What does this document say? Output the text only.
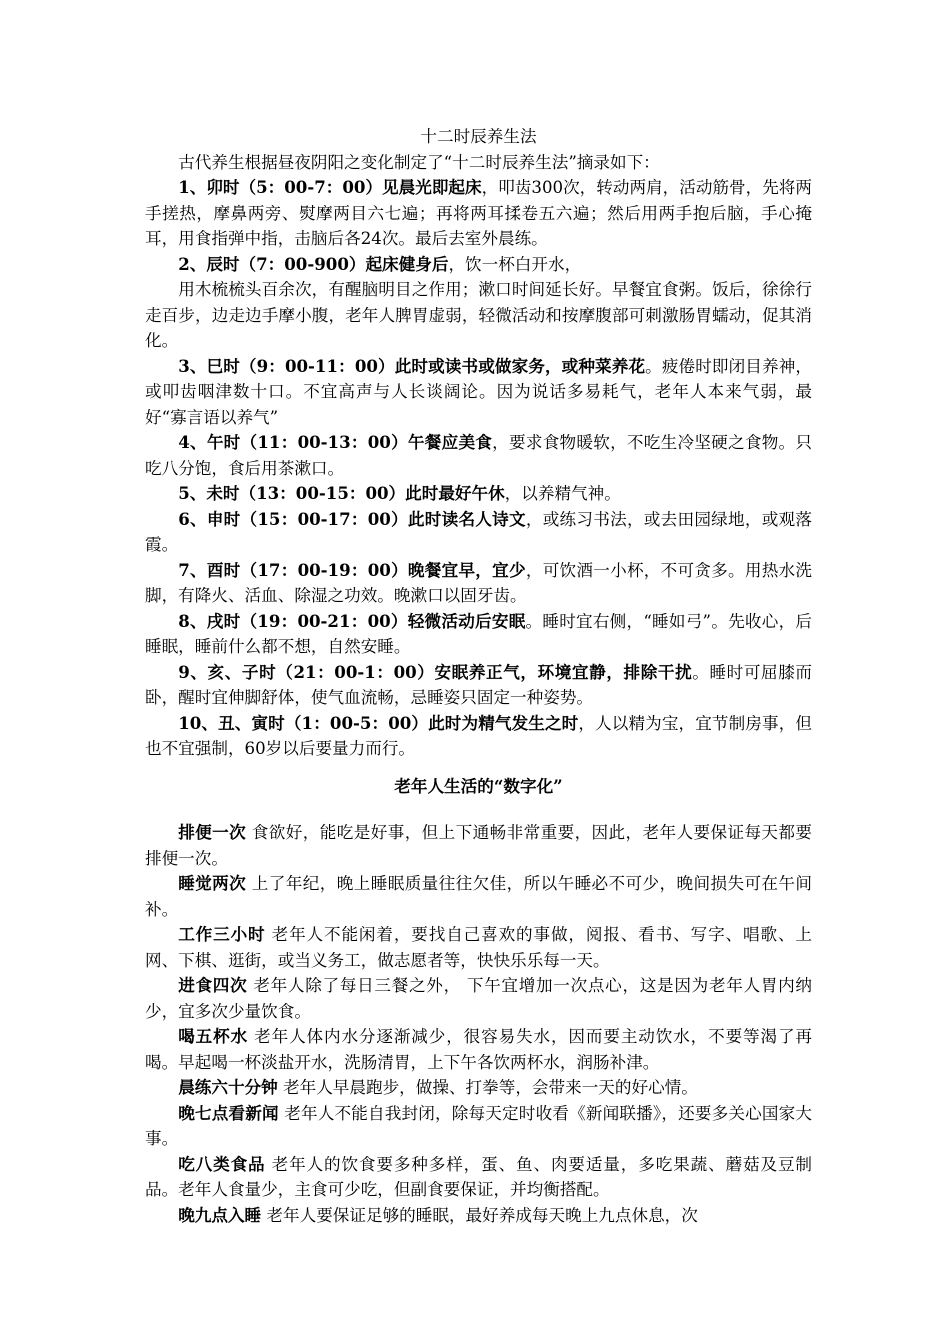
十二时辰养生法

古代养生根据昼夜阴阳之变化制定了“十二时辰养生法”摘录如下：

1、卯时（5：00-7：00）见晨光即起床，叩齿300次，转动两肩，活动筋骨，先将两手搓热，摩鼻两旁、熨摩两目六七遍；再将两耳揉卷五六遍；然后用两手抱后脑，手心掩耳，用食指弹中指，击脑后各24次。最后去室外晨练。

2、辰时（7：00-900）起床健身后，饮一杯白开水，

用木梳梳头百余次，有醒脑明目之作用；漱口时间延长好。早餐宜食粥。饭后，徐徐行走百步，边走边手摩小腹，老年人脾胃虚弱，轻微活动和按摩腹部可刺激肠胃蠕动，促其消化。

3、巳时（9：00-11：00）此时或读书或做家务，或种菜养花。疲倦时即闭目养神，或叩齿咽津数十口。不宜高声与人长谈阔论。因为说话多易耗气，老年人本来气弱，最好“寡言语以养气”

4、午时（11：00-13：00）午餐应美食，要求食物暖软，不吃生冷坚硬之食物。只吃八分饱，食后用茶漱口。

5、未时（13：00-15：00）此时最好午休，以养精气神。

6、申时（15：00-17：00）此时读名人诗文，或练习书法，或去田园绿地，或观落霞。

7、酉时（17：00-19：00）晚餐宜早，宜少，可饮酒一小杯，不可贪多。用热水洗脚，有降火、活血、除湿之功效。晚漱口以固牙齿。

8、戌时（19：00-21：00）轻微活动后安眠。睡时宜右侧，“睡如弓”。先收心，后睡眠，睡前什么都不想，自然安睡。

9、亥、子时（21：00-1：00）安眠养正气，环境宜静，排除干扰。睡时可屈膝而卧，醒时宜伸脚舒体，使气血流畅，忌睡姿只固定一种姿势。

10、丑、寅时（1：00-5：00）此时为精气发生之时，人以精为宝，宜节制房事，但也不宜强制，60岁以后要量力而行。

老年人生活的“数字化”

排便一次 食欲好，能吃是好事，但上下通畅非常重要，因此，老年人要保证每天都要排便一次。

睡觉两次 上了年纪，晚上睡眠质量往往欠佳，所以午睡必不可少，晚间损失可在午间补。

工作三小时 老年人不能闲着，要找自己喜欢的事做，阅报、看书、写字、唱歌、上网、下棋、逛街，或当义务工，做志愿者等，快快乐乐每一天。

进食四次 老年人除了每日三餐之外， 下午宜增加一次点心，这是因为老年人胃内纳少，宜多次少量饮食。

喝五杯水 老年人体内水分逐渐减少，很容易失水，因而要主动饮水，不要等渴了再喝。早起喝一杯淡盐开水，洗肠清胃，上下午各饮两杯水，润肠补津。

晨练六十分钟 老年人早晨跑步，做操、打拳等，会带来一天的好心情。

晚七点看新闻 老年人不能自我封闭，除每天定时收看《新闻联播》，还要多关心国家大事。

吃八类食品 老年人的饮食要多种多样，蛋、鱼、肉要适量，多吃果蔬、蘑菇及豆制品。老年人食量少，主食可少吃，但副食要保证，并均衡搭配。

晚九点入睡 老年人要保证足够的睡眠，最好养成每天晚上九点休息，次
